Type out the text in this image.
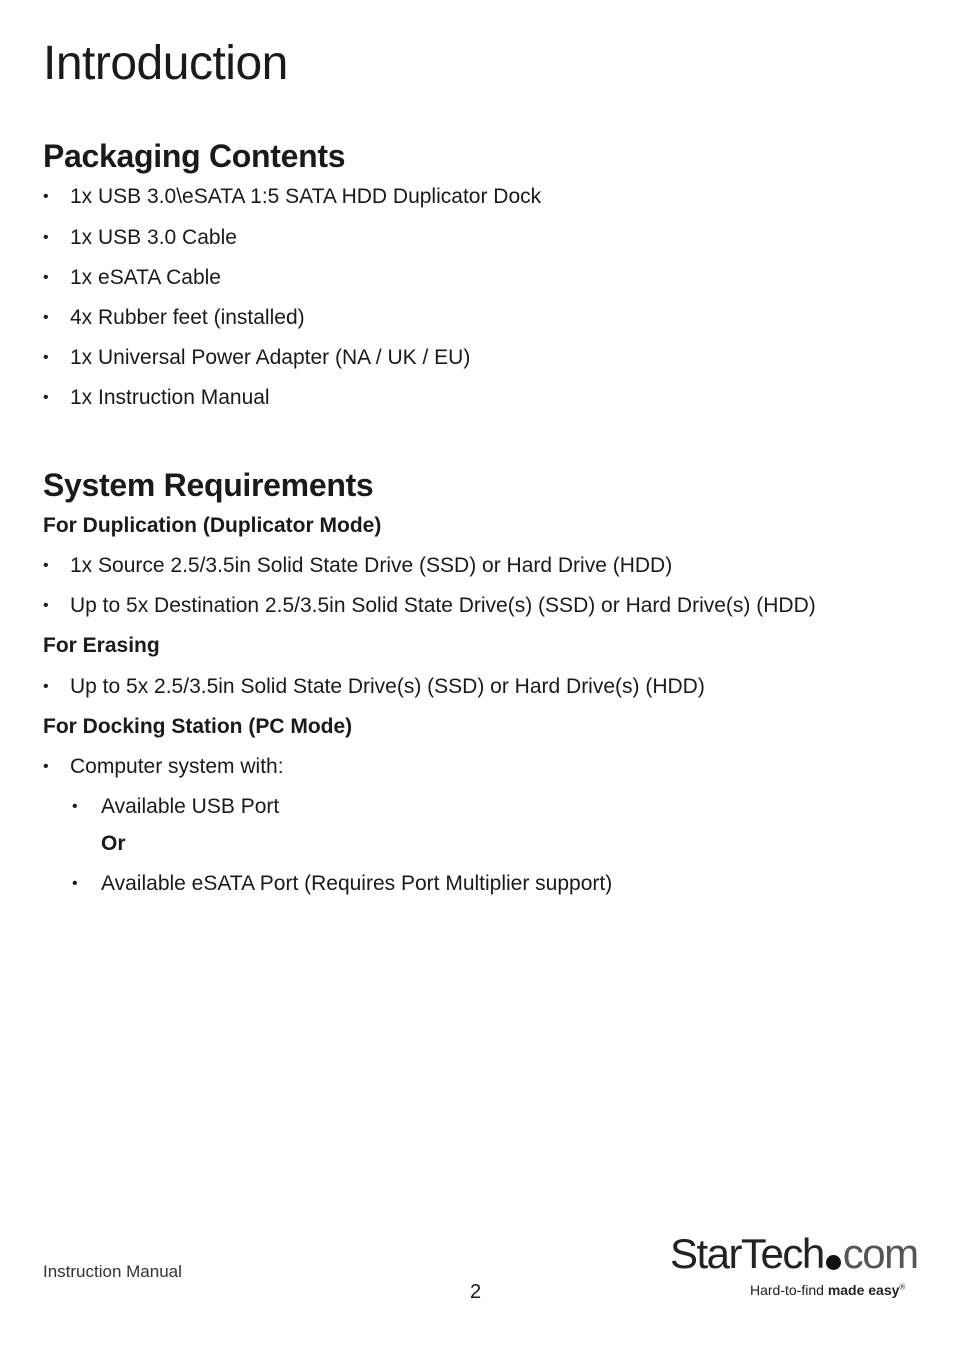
Introduction
Packaging Contents
• 1x USB 3.0\eSATA 1:5 SATA HDD Duplicator Dock
• 1x USB 3.0 Cable
• 1x eSATA Cable
• 4x Rubber feet (installed)
• 1x Universal Power Adapter (NA / UK / EU)
• 1x Instruction Manual
System Requirements
For Duplication (Duplicator Mode)
• 1x Source 2.5/3.5in Solid State Drive (SSD) or Hard Drive (HDD)
• Up to 5x Destination 2.5/3.5in Solid State Drive(s) (SSD) or Hard Drive(s) (HDD)
For Erasing
• Up to 5x 2.5/3.5in Solid State Drive(s) (SSD) or Hard Drive(s) (HDD)
For Docking Station (PC Mode)
• Computer system with:
• Available USB Port
Or
• Available eSATA Port (Requires Port Multiplier support)
Instruction Manual
2
StarTech com
Hard-to-find made easy®
